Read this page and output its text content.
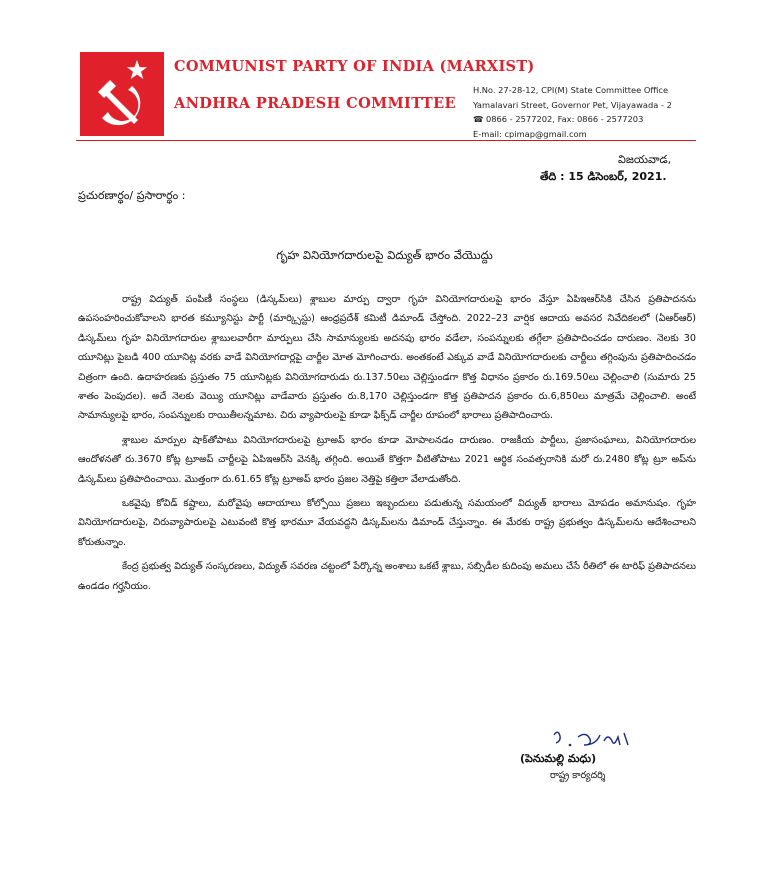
COMMUNIST PARTY OF INDIA (MARXIST)
ANDHRA PRADESH COMMITTEE
H.No. 27-28-12, CPI(M) State Committee Office
Yamalavari Street, Governor Pet, Vijayawada - 2
☎ 0866 - 2577202, Fax: 0866 - 2577203
E-mail: cpimap@gmail.com
విజయవాడ,
తేది : 15 డిసెంబర్, 2021.
ప్రచురణార్థం/ ప్రసారార్థం :
గృహ వినియోగదారులపై విద్యుత్ భారం వేయొద్దు

రాష్ట్ర విద్యుత్ పంపిణీ సంస్థలు (డిస్కమ్‌లు) శ్లాబుల మార్పు ద్వారా గృహ వినియోగదారులపై భారం వేస్తూ ఏపిఇఆర్‌సికి చేసిన ప్రతిపాదనను ఉపసంహరించుకోవాలని భారత కమ్యూనిస్టు పార్టీ (మార్క్సిస్టు) ఆంధ్రప్రదేశ్ కమిటీ డిమాండ్ చేస్తోంది. 2022–23 వార్షిక ఆదాయ అవసర నివేదికలలో (ఏఆర్ఆర్) డిస్కమ్‌లు గృహ వినియోగదారుల శ్లాబులవారీగా మార్పులు చేసి సామాన్యులకు అదనపు భారం వడేలా, సంపన్నులకు తగ్గేలా ప్రతిపాదించడం దారుణం. నెలకు 30 యూనిట్లు పైబడి 400 యూనిట్ల వరకు వాడే వినియోగదార్లపై చార్జీల మోత మోగించారు. అంతకంటే ఎక్కువ వాడే వినియోగదారులకు చార్జీలు తగ్గింపును ప్రతిపాదించడం చిత్రంగా ఉంది. ఉదాహరణకు ప్రస్తుతం 75 యూనిట్లకు వినియోగదారుడు రు.137.50లు చెల్లిస్తుండగా కొత్త విధానం ప్రకారం రు.169.50లు చెల్లించాలి (సుమారు 25 శాతం పెంపుదల). అదే నెలకు వెయ్యి యూనిట్లు వాడేవారు ప్రస్తుతం రు.8,170 చెల్లిస్తుండగా కొత్త ప్రతిపాదన ప్రకారం రు.6,850లు మాత్రమే చెల్లించాలి. అంటే సామాన్యులపై భారం, సంపన్నులకు రాయితీలన్నమాట. చిరు వ్యాపారులపై కూడా ఫిక్స్‌డ్ చార్జీల రూపంలో భారాలు ప్రతిపాదించారు.

శ్లాబుల మార్పుల షాక్‌తోపాటు వినియోగదారులపై ట్రూఅప్ భారం కూడా మోపాలనడం దారుణం. రాజకీయ పార్టీలు, ప్రజాసంఘాలు, వినియోగదారుల ఆందోళనతో రు.3670 కోట్ల ట్రూఅప్ చార్జీలపై ఏపిఇఆర్‌సి వెనక్కి తగ్గింది. అయితే కొత్తగా వీటితోపాటు 2021 ఆర్థిక సంవత్సరానికి మరో రు.2480 కోట్ల ట్రూ అప్‌ను డిస్కమ్‌లు ప్రతిపాదించాయి. మొత్తంగా రు.61.65 కోట్ల ట్రూఅప్ భారం ప్రజల నెత్తిపై కత్తిలా వేలాడుతోంది.

ఒకవైపు కోవిడ్ కష్టాలు, మరోవైపు ఆదాయాలు కోల్పోయి ప్రజలు ఇబ్బందులు పడుతున్న సమయంలో విద్యుత్ భారాలు మోపడం అమానుషం. గృహ వినియోగదారులపై, చిరువ్యాపారులపై ఎటువంటి కొత్త భారమూ వేయవద్దని డిస్కమ్‌లను డిమాండ్ చేస్తున్నాం. ఈ మేరకు రాష్ట్ర ప్రభుత్వం డిస్కమ్‌లను ఆదేశించాలని కోరుతున్నాం.

కేంద్ర ప్రభుత్వ విద్యుత్ సంస్కరణలు, విద్యుత్ సవరణ చట్టంలో పేర్కొన్న అంశాలు ఒకటే శ్లాబు, సబ్సిడీల కుదింపు అమలు చేసే రీతిలో ఈ టారిఫ్ ప్రతిపాదనలు ఉండడం గర్హనీయం.

(పెనుమల్లి మధు)
రాష్ట్ర కార్యదర్శి
